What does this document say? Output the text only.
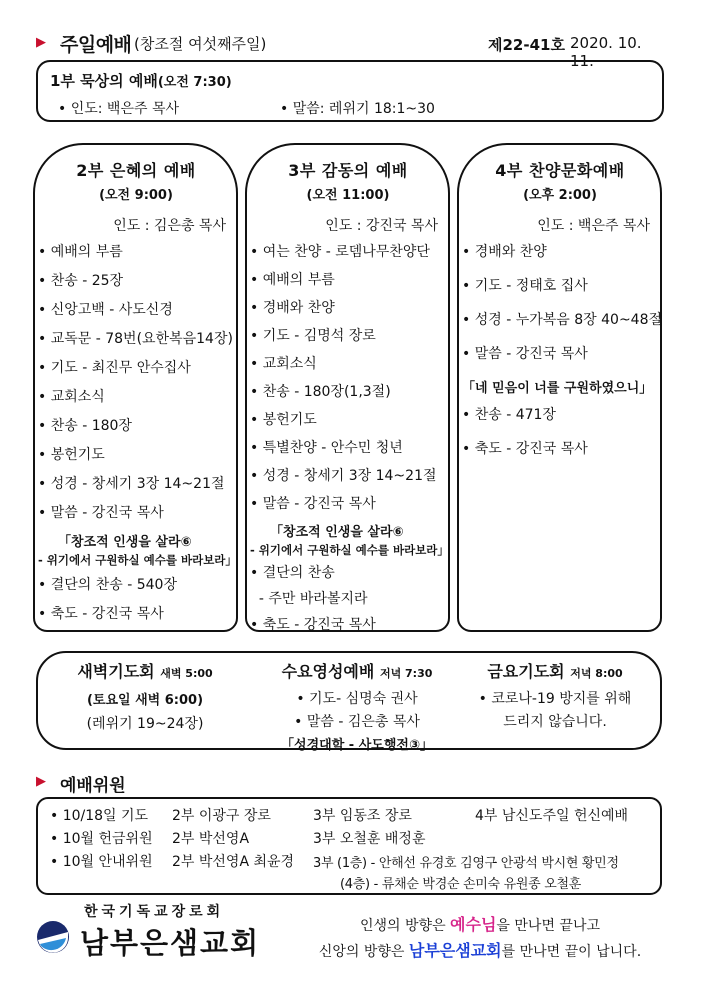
▶ 주일예배 (창조절 여섯째주일)	제22-41호 2020. 10. 11.
1부 묵상의 예배(오전 7:30)
• 인도: 백은주 목사	• 말씀: 레위기 18:1~30
2부 은혜의 예배
(오전 9:00)
인도 : 김은총 목사
• 예배의 부름
• 찬송 - 25장
• 신앙고백 - 사도신경
• 교독문 - 78번(요한복음14장)
• 기도 - 최진무 안수집사
• 교회소식
• 찬송 - 180장
• 봉헌기도
• 성경 - 창세기 3장 14~21절
• 말씀 - 강진국 목사
「창조적 인생을 살라⑥
- 위기에서 구원하실 예수를 바라보라」
• 결단의 찬송 - 540장
• 축도 - 강진국 목사
3부 감동의 예배
(오전 11:00)
인도 : 강진국 목사
• 여는 찬양 - 로뎀나무찬양단
• 예배의 부름
• 경배와 찬양
• 기도 - 김명석 장로
• 교회소식
• 찬송 - 180장(1,3절)
• 봉헌기도
• 특별찬양 - 안수민 청년
• 성경 - 창세기 3장 14~21절
• 말씀 - 강진국 목사
「창조적 인생을 살라⑥
- 위기에서 구원하실 예수를 바라보라」
• 결단의 찬송
- 주만 바라볼지라
• 축도 - 강진국 목사
4부 찬양문화예배
(오후 2:00)
인도 : 백은주 목사
• 경배와 찬양
• 기도 - 정태호 집사
• 성경 - 누가복음 8장 40~48절
• 말씀 - 강진국 목사
「네 믿음이 너를 구원하였으니」
• 찬송 - 471장
• 축도 - 강진국 목사
새벽기도회 새벽 5:00
(토요일 새벽 6:00)
(레위기 19~24장)
수요영성예배 저녁 7:30
• 기도- 심명숙 권사
• 말씀 - 김은총 목사
「성경대학 - 사도행전③」
금요기도회 저녁 8:00
• 코로나-19 방지를 위해
드리지 않습니다.
▶ 예배위원
• 10/18일 기도 2부 이광구 장로	3부 임동조 장로	4부 남신도주일 헌신예배
• 10월 헌금위원 2부 박선영A	3부 오철훈 배정훈
• 10월 안내위원 2부 박선영A 최윤경 3부 (1층) - 안해선 유경호 김영구 안광석 박시현 황민정
(4층) - 류채순 박경순 손미숙 유원종 오철훈
한국기독교장로회
남부은샘교회	인생의 방향은 예수님을 만나면 끝나고
신앙의 방향은 남부은샘교회를 만나면 끝이 납니다.
